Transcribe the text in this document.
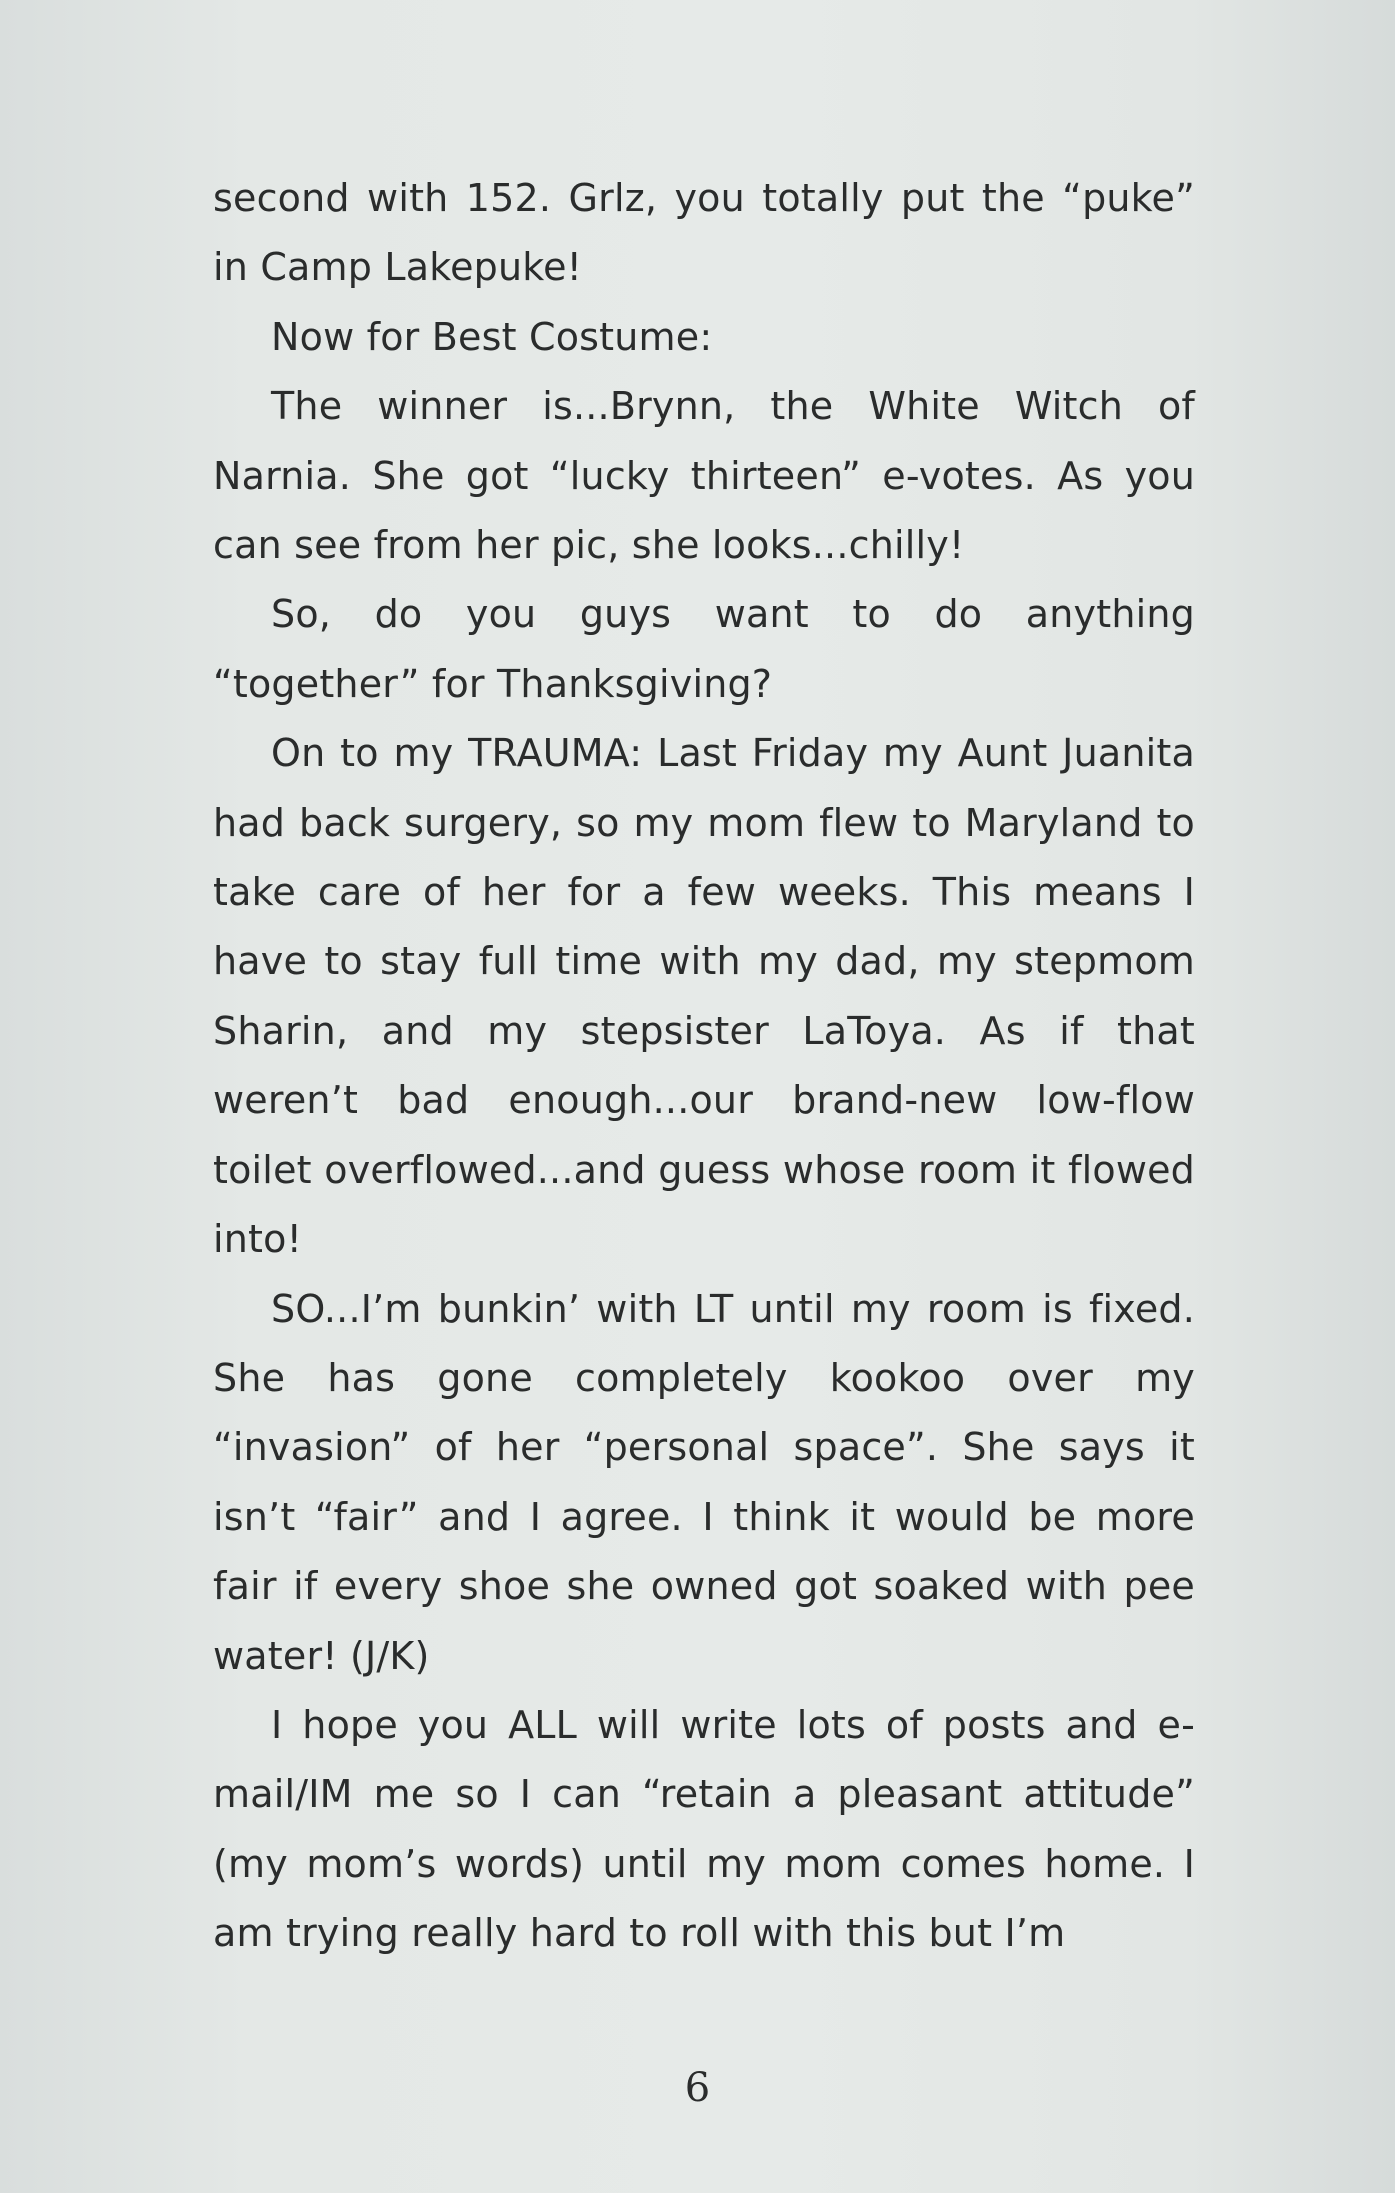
second with 152. Grlz, you totally put the “puke” in Camp Lakepuke!

Now for Best Costume:

The winner is...Brynn, the White Witch of Narnia. She got “lucky thirteen” e-votes. As you can see from her pic, she looks...chilly!

So, do you guys want to do anything “together” for Thanksgiving?

On to my TRAUMA: Last Friday my Aunt Juanita had back surgery, so my mom flew to Maryland to take care of her for a few weeks. This means I have to stay full time with my dad, my stepmom Sharin, and my stepsister LaToya. As if that weren’t bad enough...our brand-new low-flow toilet overflowed...and guess whose room it flowed into!

SO...I’m bunkin’ with LT until my room is fixed. She has gone completely kookoo over my “invasion” of her “personal space”. She says it isn’t “fair” and I agree. I think it would be more fair if every shoe she owned got soaked with pee water! (J/K)

I hope you ALL will write lots of posts and e-mail/IM me so I can “retain a pleasant attitude” (my mom’s words) until my mom comes home. I am trying really hard to roll with this but I’m

6
